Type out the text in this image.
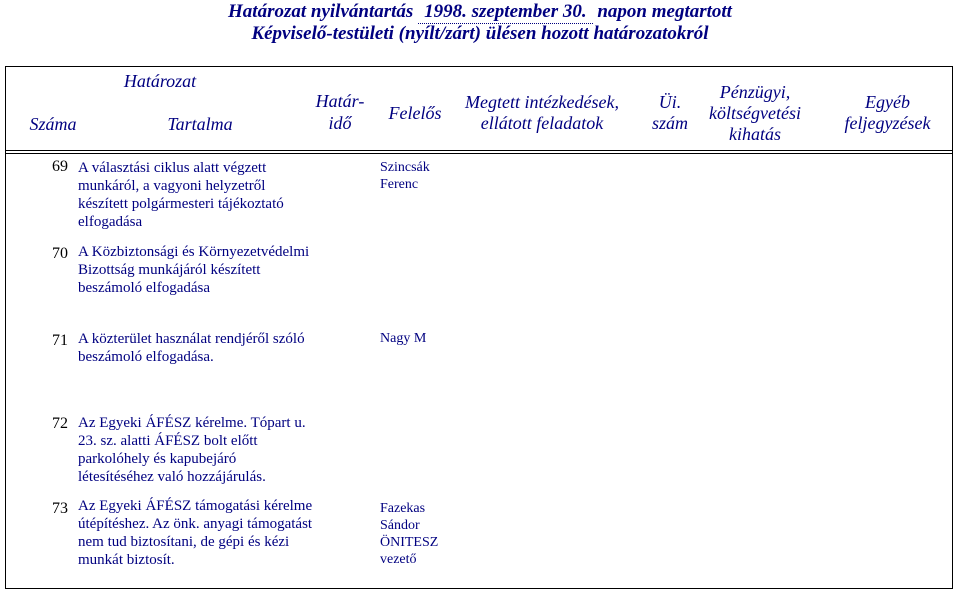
Határozat nyilvántartás 1998. szeptember 30. napon megtartott
Képviselő-testületi (nyílt/zárt) ülésen hozott határozatokról
Határozat
Száma	Tartalma
Határ-
idő	Felelős
Megtett intézkedések,
ellátott feladatok
Üi.
szám
Pénzügyi,
költségvetési
kihatás
Egyéb
feljegyzések
69 A választási ciklus alatt végzett munkáról, a vagyoni helyzetről készített polgármesteri tájékoztató elfogadása
Szincsák
Ferenc
70 A Közbiztonsági és Környezetvédelmi Bizottság munkájáról készített beszámoló elfogadása
71 A közterület használat rendjéről szóló beszámoló elfogadása.
Nagy M
72 Az Egyeki ÁFÉSZ kérelme. Tópart u. 23. sz. alatti ÁFÉSZ bolt előtt parkolóhely és kapubejáró létesítéséhez való hozzájárulás.
73 Az Egyeki ÁFÉSZ támogatási kérelme útépítéshez. Az önk. anyagi támogatást nem tud biztosítani, de gépi és kézi munkát biztosít.
Fazekas
Sándor
ÖNITESZ
vezető
